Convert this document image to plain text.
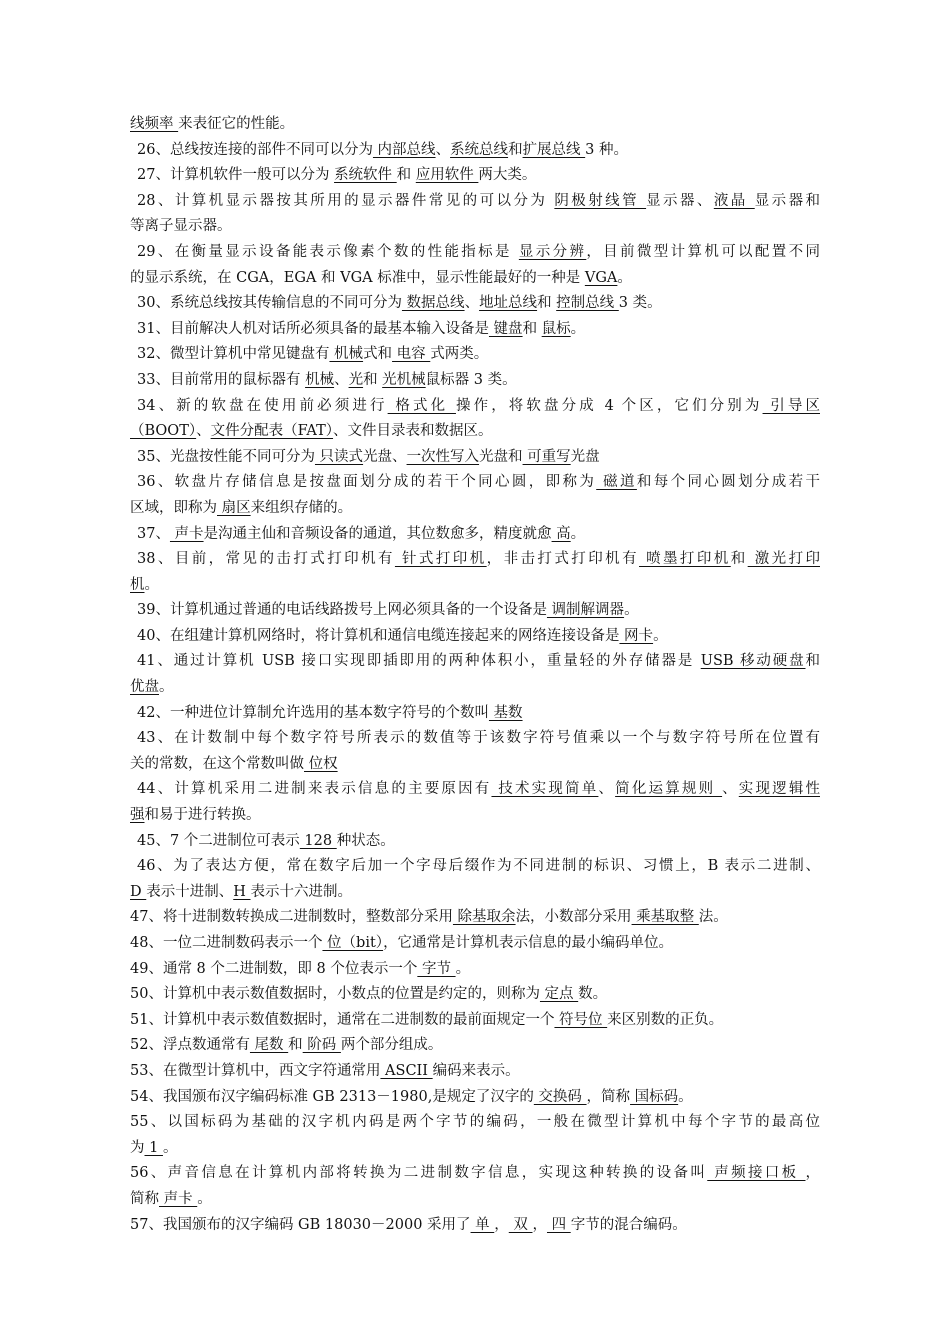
线频率 来表征它的性能。
26、总线按连接的部件不同可以分为 内部总线、系统总线和扩展总线 3 种。
27、计算机软件一般可以分为 系统软件 和 应用软件 两大类。
28、计算机显示器按其所用的显示器件常见的可以分为 阴极射线管 显示器、液晶 显示器和
等离子显示器。
29、在衡量显示设备能表示像素个数的性能指标是 显示分辨，目前微型计算机可以配置不同
的显示系统，在 CGA，EGA 和 VGA 标准中，显示性能最好的一种是 VGA。
30、系统总线按其传输信息的不同可分为 数据总线、地址总线和 控制总线 3 类。
31、目前解决人机对话所必须具备的最基本输入设备是 键盘和 鼠标。
32、微型计算机中常见键盘有 机械式和 电容 式两类。
33、目前常用的鼠标器有 机械、光和 光机械鼠标器 3 类。
34、新的软盘在使用前必须进行 格式化 操作，将软盘分成 4 个区，它们分别为 引导区
（BOOT）、文件分配表（FAT）、文件目录表和数据区。
35、光盘按性能不同可分为 只读式光盘、一次性写入光盘和 可重写光盘
36、软盘片存储信息是按盘面划分成的若干个同心圆，即称为 磁道和每个同心圆划分成若干
区域，即称为 扇区来组织存储的。
37、 声卡是沟通主仙和音频设备的通道，其位数愈多，精度就愈 高。
38、目前，常见的击打式打印机有 针式打印机，非击打式打印机有 喷墨打印机和 激光打印
机。
39、计算机通过普通的电话线路拨号上网必须具备的一个设备是 调制解调器。
40、在组建计算机网络时，将计算机和通信电缆连接起来的网络连接设备是 网卡。
41、通过计算机 USB 接口实现即插即用的两种体积小，重量轻的外存储器是 USB 移动硬盘和
优盘。
42、一种进位计算制允许选用的基本数字符号的个数叫 基数
43、在计数制中每个数字符号所表示的数值等于该数字符号值乘以一个与数字符号所在位置有
关的常数，在这个常数叫做 位权
44、计算机采用二进制来表示信息的主要原因有 技术实现简单、简化运算规则 、实现逻辑性
强和易于进行转换。
45、7 个二进制位可表示 128 种状态。
46、为了表达方便，常在数字后加一个字母后缀作为不同进制的标识、习惯上，B 表示二进制、
D 表示十进制、H 表示十六进制。
47、将十进制数转换成二进制数时，整数部分采用 除基取余法，小数部分采用 乘基取整 法。
48、一位二进制数码表示一个 位（bit），它通常是计算机表示信息的最小编码单位。
49、通常 8 个二进制数，即 8 个位表示一个 字节 。
50、计算机中表示数值数据时，小数点的位置是约定的，则称为 定点 数。
51、计算机中表示数值数据时，通常在二进制数的最前面规定一个 符号位 来区别数的正负。
52、浮点数通常有 尾数 和 阶码 两个部分组成。
53、在微型计算机中，西文字符通常用 ASCII 编码来表示。
54、我国颁布汉字编码标准 GB 2313－1980,是规定了汉字的 交换码 ，简称 国标码。
55、以国标码为基础的汉字机内码是两个字节的编码，一般在微型计算机中每个字节的最高位
为 1 。
56、声音信息在计算机内部将转换为二进制数字信息，实现这种转换的设备叫 声频接口板 ，
简称 声卡 。
57、我国颁布的汉字编码 GB 18030－2000 采用了 单 ， 双 ， 四 字节的混合编码。
